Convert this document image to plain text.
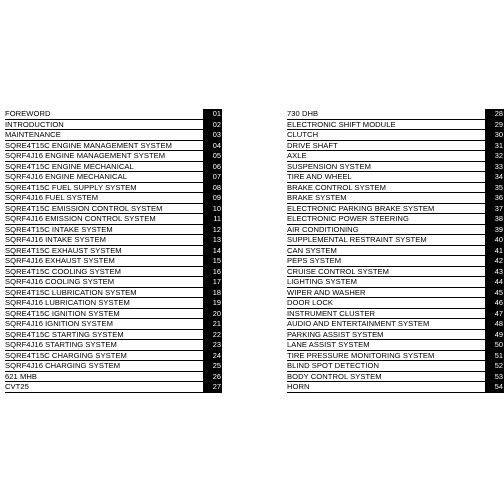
FOREWORD	01
INTRODUCTION	02
MAINTENANCE	03
SQRE4T15C ENGINE MANAGEMENT SYSTEM	04
SQRF4J16 ENGINE MANAGEMENT SYSTEM	05
SQRE4T15C ENGINE MECHANICAL	06
SQRF4J16 ENGINE MECHANICAL	07
SQRE4T15C FUEL SUPPLY SYSTEM	08
SQRF4J16 FUEL SYSTEM	09
SQRE4T15C EMISSION CONTROL SYSTEM	10
SQRF4J16 EMISSION CONTROL SYSTEM	11
SQRE4T15C INTAKE SYSTEM	12
SQRF4J16 INTAKE SYSTEM	13
SQRE4T15C EXHAUST SYSTEM	14
SQRF4J16 EXHAUST SYSTEM	15
SQRE4T15C COOLING SYSTEM	16
SQRF4J16 COOLING SYSTEM	17
SQRE4T15C LUBRICATION SYSTEM	18
SQRF4J16 LUBRICATION SYSTEM	19
SQRE4T15C IGNITION SYSTEM	20
SQRF4J16 IGNITION SYSTEM	21
SQRE4T15C STARTING SYSTEM	22
SQRF4J16 STARTING SYSTEM	23
SQRE4T15C CHARGING SYSTEM	24
SQRF4J16 CHARGING SYSTEM	25
621 MHB	26
CVT25	27
730 DHB	28
ELECTRONIC SHIFT MODULE	29
CLUTCH	30
DRIVE SHAFT	31
AXLE	32
SUSPENSION SYSTEM	33
TIRE AND WHEEL	34
BRAKE CONTROL SYSTEM	35
BRAKE SYSTEM	36
ELECTRONIC PARKING BRAKE SYSTEM	37
ELECTRONIC POWER STEERING	38
AIR CONDITIONING	39
SUPPLEMENTAL RESTRAINT SYSTEM	40
CAN SYSTEM	41
PEPS SYSTEM	42
CRUISE CONTROL SYSTEM	43
LIGHTING SYSTEM	44
WIPER AND WASHER	45
DOOR LOCK	46
INSTRUMENT CLUSTER	47
AUDIO AND ENTERTAINMENT SYSTEM	48
PARKING ASSIST SYSTEM	49
LANE ASSIST SYSTEM	50
TIRE PRESSURE MONITORING SYSTEM	51
BLIND SPOT DETECTION	52
BODY CONTROL SYSTEM	53
HORN	54
